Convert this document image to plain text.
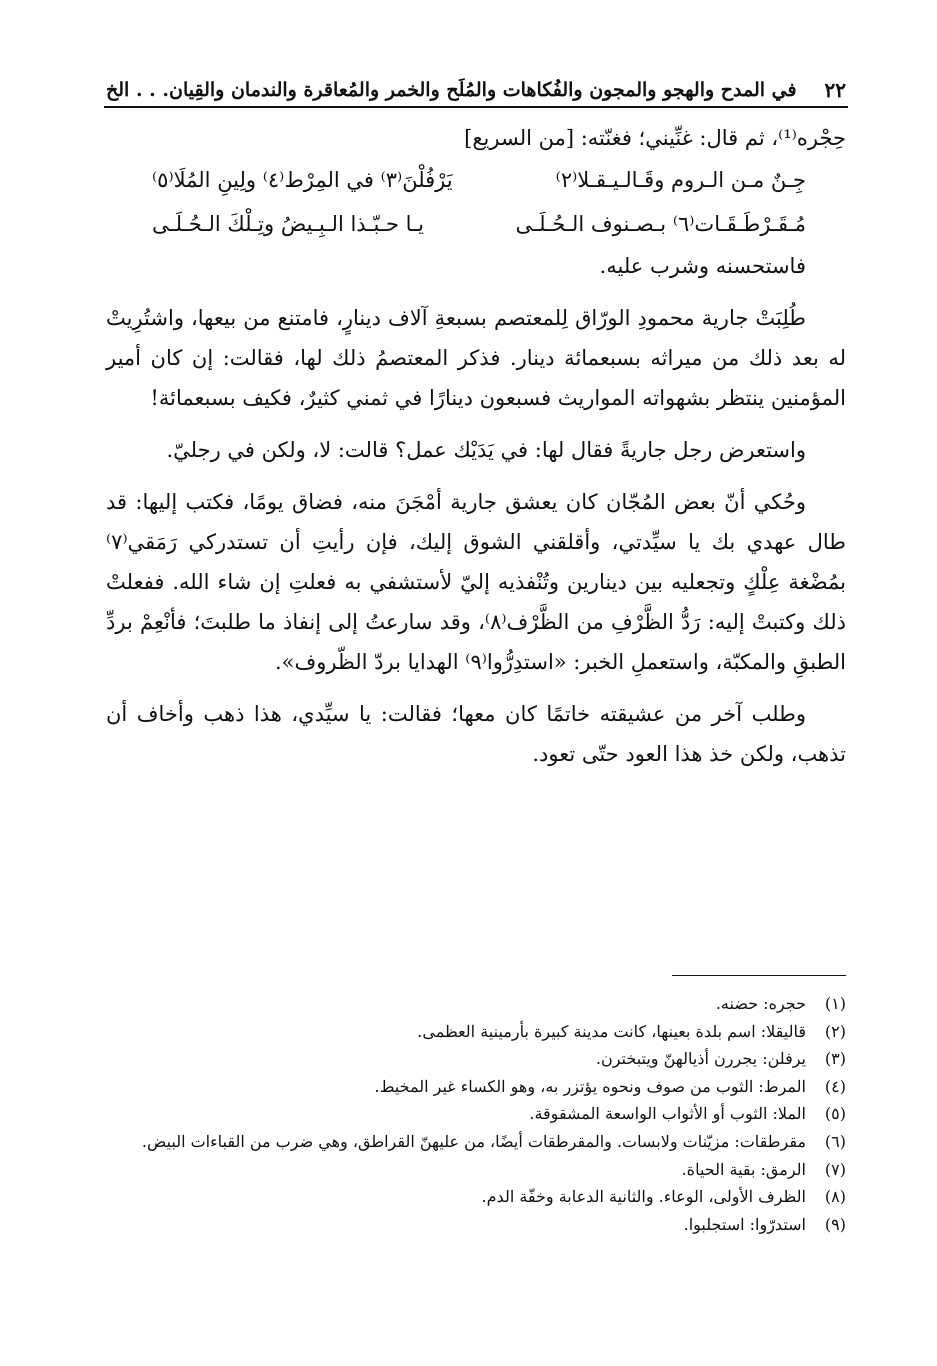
٢٢
في المدح والهجو والمجون والفُكاهات والمُلَح والخمر والمُعاقرة والندمان والقِيان. . . الخ

حِجْره⁽¹⁾، ثم قال: غنِّيني؛ فغنّته: [من السريع]

جِـنٌ مـن الـروم وقَـالـيـقـلا⁽٢⁾
يَرْفُلْنَ⁽٣⁾ في المِرْط⁽٤⁾ ولِينِ المُلَا⁽٥⁾
مُـقَـرْطَـقَـات⁽٦⁾ بـصـنوف الـحُـلَـى
يـا حـبّـذا الـبِـيضُ وتِـلْكَ الـحُـلَـى

فاستحسنه وشرب عليه.

طُلِبَتْ جارية محمودِ الورّاق لِلمعتصم بسبعةِ آلاف دينارٍ، فامتنع من بيعها، واشتُرِيتْ له بعد ذلك من ميراثه بسبعمائة دينار. فذكر المعتصمُ ذلك لها، فقالت: إن كان أمير المؤمنين ينتظر بشهواته المواريث فسبعون دينارًا في ثمني كثيرٌ، فكيف بسبعمائة!

واستعرض رجل جاريةً فقال لها: في يَدَيْك عمل؟ قالت: لا، ولكن في رجليّ.

وحُكي أنّ بعض المُجّان كان يعشق جارية أمْجَنَ منه، فضاق يومًا، فكتب إليها: قد طال عهدي بك يا سيِّدتي، وأقلقني الشوق إليك، فإن رأيتِ أن تستدركي رَمَقي⁽٧⁾ بمُضْغة عِلْكٍ وتجعليه بين دينارين وتُنْفذيه إليّ لأستشفي به فعلتِ إن شاء الله. ففعلتْ ذلك وكتبتْ إليه: رَدُّ الظَّرْفِ من الظَّرْف⁽٨⁾، وقد سارعتُ إلى إنفاذ ما طلبتَ؛ فأنْعِمْ بردِّ الطبقِ والمكبّة، واستعملِ الخبر: «استدِرُّوا⁽٩⁾ الهدايا بردّ الظّروف».

وطلب آخر من عشيقته خاتمًا كان معها؛ فقالت: يا سيِّدي، هذا ذهب وأخاف أن تذهب، ولكن خذ هذا العود حتّى تعود.

(١)
حجره: حضنه.
(٢)
قاليقلا: اسم بلدة بعينها، كانت مدينة كبيرة بأرمينية العظمى.
(٣)
يرفلن: يجررن أذيالهنّ ويتبخترن.
(٤)
المرط: الثوب من صوف ونحوه يؤتزر به، وهو الكساء غير المخيط.
(٥)
الملا: الثوب أو الأثواب الواسعة المشقوقة.
(٦)
مقرطقات: مزيّنات ولابسات. والمقرطقات أيضًا، من عليهنّ القراطق، وهي ضرب من القباءات البيض.
(٧)
الرمق: بقية الحياة.
(٨)
الظرف الأولى، الوعاء. والثانية الدعابة وخفّة الدم.
(٩)
استدرّوا: استجلبوا.
